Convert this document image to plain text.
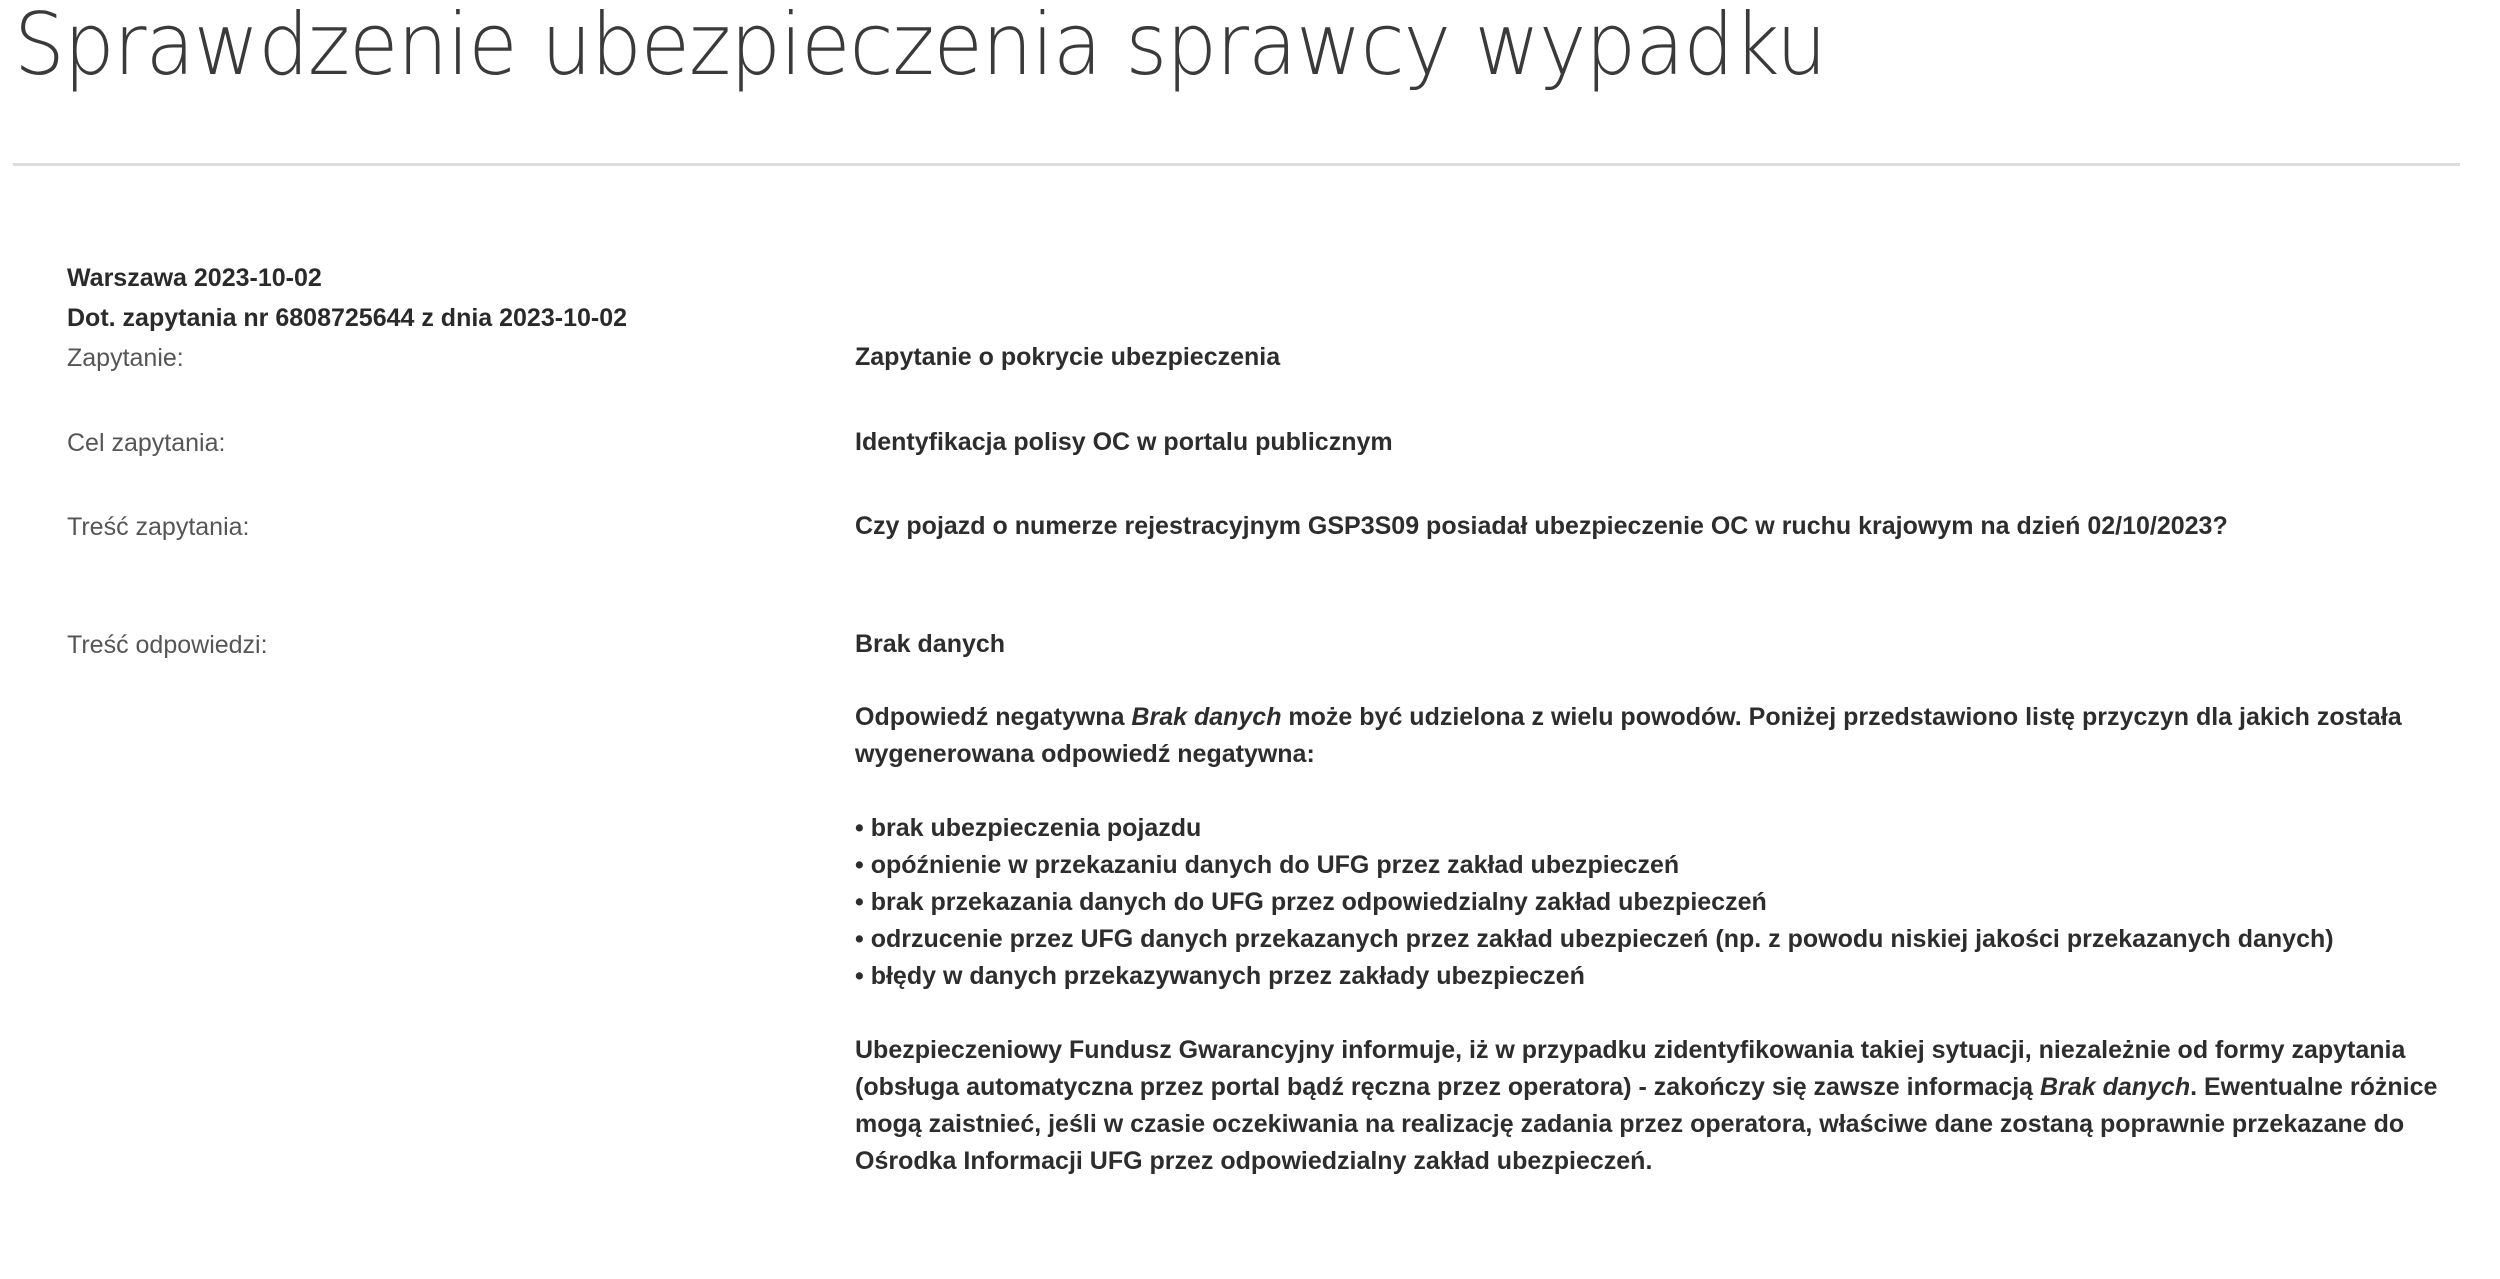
Sprawdzenie ubezpieczenia sprawcy wypadku
Warszawa 2023-10-02
Dot. zapytania nr 6808725644 z dnia 2023-10-02
Zapytanie:	Zapytanie o pokrycie ubezpieczenia
Cel zapytania:	Identyfikacja polisy OC w portalu publicznym
Treść zapytania:	Czy pojazd o numerze rejestracyjnym GSP3S09 posiadał ubezpieczenie OC w ruchu krajowym na dzień 02/10/2023?
Treść odpowiedzi:	Brak danych

Odpowiedź negatywna Brak danych może być udzielona z wielu powodów. Poniżej przedstawiono listę przyczyn dla jakich została wygenerowana odpowiedź negatywna:

• brak ubezpieczenia pojazdu
• opóźnienie w przekazaniu danych do UFG przez zakład ubezpieczeń
• brak przekazania danych do UFG przez odpowiedzialny zakład ubezpieczeń
• odrzucenie przez UFG danych przekazanych przez zakład ubezpieczeń (np. z powodu niskiej jakości przekazanych danych)
• błędy w danych przekazywanych przez zakłady ubezpieczeń

Ubezpieczeniowy Fundusz Gwarancyjny informuje, iż w przypadku zidentyfikowania takiej sytuacji, niezależnie od formy zapytania (obsługa automatyczna przez portal bądź ręczna przez operatora) - zakończy się zawsze informacją Brak danych. Ewentualne różnice mogą zaistnieć, jeśli w czasie oczekiwania na realizację zadania przez operatora, właściwe dane zostaną poprawnie przekazane do Ośrodka Informacji UFG przez odpowiedzialny zakład ubezpieczeń.
